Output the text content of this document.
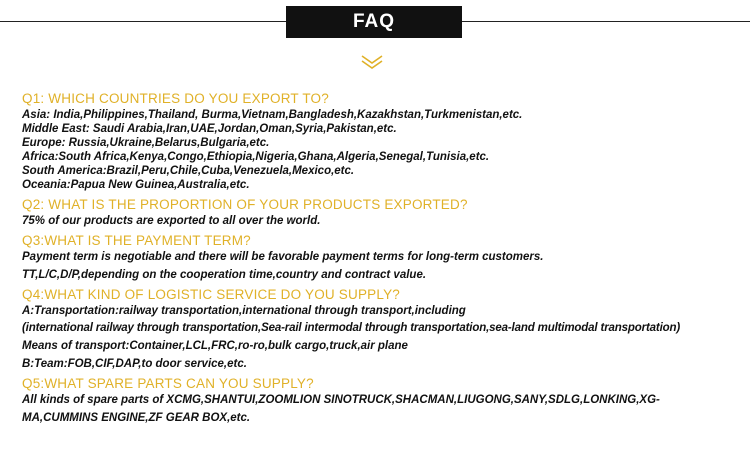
FAQ
Q1: WHICH COUNTRIES DO YOU EXPORT TO?
Asia: India,Philippines,Thailand, Burma,Vietnam,Bangladesh,Kazakhstan,Turkmenistan,etc.
Middle East: Saudi Arabia,Iran,UAE,Jordan,Oman,Syria,Pakistan,etc.
Europe: Russia,Ukraine,Belarus,Bulgaria,etc.
Africa:South Africa,Kenya,Congo,Ethiopia,Nigeria,Ghana,Algeria,Senegal,Tunisia,etc.
South America:Brazil,Peru,Chile,Cuba,Venezuela,Mexico,etc.
Oceania:Papua New Guinea,Australia,etc.
Q2: WHAT IS THE PROPORTION OF YOUR PRODUCTS EXPORTED?
75% of our products are exported to all over the world.
Q3:WHAT IS THE PAYMENT TERM?
Payment term is negotiable and there will be favorable payment terms for long-term customers.
TT,L/C,D/P,depending on the cooperation time,country and contract value.
Q4:WHAT KIND OF LOGISTIC SERVICE DO YOU SUPPLY?
A:Transportation:railway transportation,international through transport,including
(international railway through transportation,Sea-rail intermodal through transportation,sea-land multimodal transportation)
Means of transport:Container,LCL,FRC,ro-ro,bulk cargo,truck,air plane
B:Team:FOB,CIF,DAP,to door service,etc.
Q5:WHAT SPARE PARTS CAN YOU SUPPLY?
All kinds of spare parts of XCMG,SHANTUI,ZOOMLION SINOTRUCK,SHACMAN,LIUGONG,SANY,SDLG,LONKING,XG-
MA,CUMMINS ENGINE,ZF GEAR BOX,etc.
